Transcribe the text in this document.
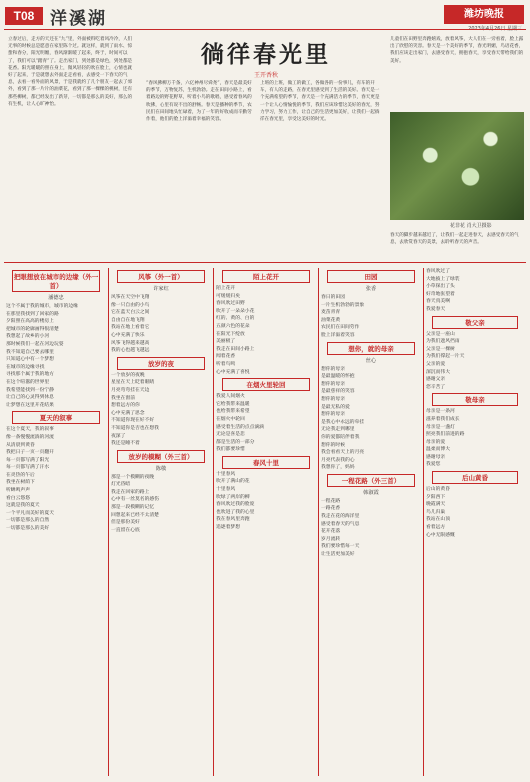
T08 洋溪湖	潍坊晚报
立春过后，走方的天还在“九”里，外面被料吃着风冷冷，人们无事的时候总是愿意在家里陈个过。就这样，就到了雨水、惊蛰和春分，阳光明媚，春风渐渐暖了起来，终于，时间可以了，我们可以“踏青”了。走出家门，到处都是绿色，到处都是花香。阳光暖暖的照在身上，微风轻轻的吹在脸上，心情也就好了起来，于是就想去外面走走看看，去感受一下春天的气息，去看一看外面的风景，于是我就约了几个朋友一起去了郊外，看到了那一片片的油菜花，看到了那一棵棵的桃树，还有那些柳树，都已经发出了新芽，一切都是那么的美好，那么的有生机，让人心旷神怡。
徜徉春光里
王开香秋
“春风拂柳万千条，六亿神州尽舜尧”，春天是最美好的季节，万物复苏，生机勃勃。走在田间小路上，看着路边的野花野草，听着小鸟的歌唱，感受着春风的吹拂，心里有说不出的舒畅。春天是播种的季节，农民们在田间地头忙碌着，为了一年的好收成而辛勤劳作着，他们的脸上洋溢着幸福的笑容。
上班的上班，做工的做工，各做各的一份事儿，有车的开车，有人的走路，在春光里感受到了生活的美好。春天是一个充满希望的季节，春天是一个充满活力的季节，春天更是一个让人心情愉悦的季节，我们应该珍惜这美好的春光，努力学习，努力工作，让自己的生活更加美好，让我们一起徜徉在春光里，享受这美好的时光。
儿童们在田野里奔跑嬉戏，放着风筝，大人们在一旁看着，脸上露出了欣慰的笑容。春天是一个美好的季节，春光明媚，鸟语花香，我们应该走出家门，去感受春天，拥抱春天，享受春天带给我们的美好。
花非花 肖大卫摄影
春天的脚步越来越近了，让我们一起走进春天，去感受春天的气息，去欣赏春天的美景，去聆听春天的声音。
把眼想放在城市的边缘（外一首）
潘德忠
这个不属于我的城市，城市的边缘
在那里我找到了回家的路
夕阳照在高高的楼房上
把城市的轮廓画得很清楚
我想起了故乡的小河
那时候我们一起在河边玩耍
我不知道自己要去哪里
只知道心中有一个梦想
在城市的边缘寻找
寻找那个属于我的地方
在这个喧嚣的世界里
我希望能找到一份宁静
让自己的心灵得到休息
让梦想在这里开花结果
夏天的叙事
在这个夏天，我的叙事
像一条慢慢流淌的河流
从清晨到黄昏
我把日子一页一页翻开
每一页都写满了阳光
每一页都写满了汗水
在炎热的午后
我坐在树荫下
听蝉鸣声声
看白云悠悠
这就是我的夏天
一个平凡而美好的夏天
一切都是那么的自然
一切都是那么的美好
风筝（外一首）
许家红
风筝在天空中飞翔
像一只自由的小鸟
它在蓝天白云之间
自由自在地飞翔
我站在地上看着它
心中充满了快乐
风筝飞得越来越高
我的心也越飞越远
放岁的夜
一个放岁的夜晚
星星在天上眨着眼睛
月亮弯弯挂在天边
我坐在窗前
想着远方的你
心中充满了思念
不知道你现在好不好
不知道你是否也在想我
夜深了
我还是睡不着
放岁的模糊（外三首）
陈敬
那是一个模糊的夜晚
灯光昏暗
我走在回家的路上
心中有一丝莫名的感伤
那是一段模糊的记忆
回想起来已经不太清楚
但是那份美好
一直留在心底
陌上花开
陌上花开
可缓缓归矣
春风吹过田野
吹开了一朵朵小花
红的、黄的、白的
五颜六色的花朵
在阳光下绽放
美丽极了
我走在田间小路上
闻着花香
听着鸟鸣
心中充满了喜悦
在烟火里轮回
我爱人间烟火
它给我带来温暖
也给我带来希望
在烟火中轮回
感受着生活的点点滴滴
无论是喜是悲
都是生活的一部分
我们都要珍惜
春风十里
十里春风
吹开了满山的花
十里春风
吹绿了两岸的柳
春风吹过我的脸庞
也吹进了我的心里
我在春风里奔跑
追逐着梦想
田园
张香
春日的田园
一片生机勃勃的景象
麦苗青青
油菜花黄
农民们在田间劳作
脸上洋溢着笑容
想你，就的母亲
丝心
想你的母亲
是最温暖的怀抱
想你的母亲
是最慈祥的笑容
想你的母亲
是最无私的爱
想你的母亲
是我心中永远的牵挂
无论我走到哪里
你的爱都陪伴着我
想你的时候
我会看看天上的月亮
月亮代表我的心
我想你了，妈妈
一程花路（外三首）
韩淑霞
一程花路
一路花香
我走在花的海洋里
感受着春天的气息
花开花落
岁月流转
我们要珍惜每一天
让生活更加美好
春风吹过了
大地披上了绿装
小草探出了头
好奇地张望着
春天真美啊
我爱春天
敬父亲
父亲是一座山
为我们遮风挡雨
父亲是一棵树
为我们撑起一片天
父亲的爱
深沉而伟大
感谢父亲
您辛苦了
敬母亲
母亲是一条河
滋养着我们成长
母亲是一盏灯
照亮我们前进的路
母亲的爱
温柔而博大
感谢母亲
我爱您
后山黄昏
后山的黄昏
夕阳西下
晚霞满天
鸟儿归巢
我站在山顶
看着远方
心中无限感慨
